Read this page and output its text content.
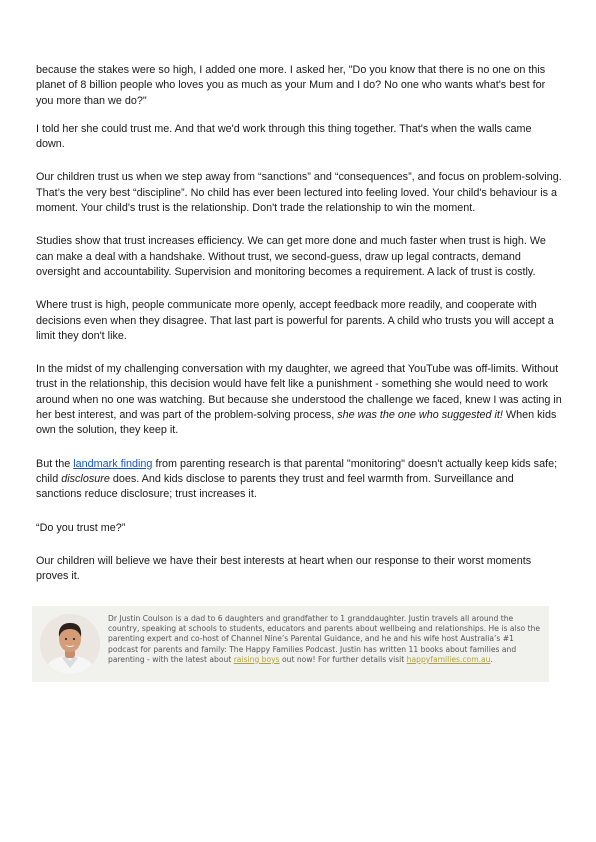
because the stakes were so high, I added one more. I asked her, "Do you know that there is no one on this planet of 8 billion people who loves you as much as your Mum and I do? No one who wants what's best for you more than we do?"

I told her she could trust me. And that we'd work through this thing together. That's when the walls came down.

Our children trust us when we step away from “sanctions” and “consequences”, and focus on problem-solving. That’s the very best “discipline”. No child has ever been lectured into feeling loved. Your child's behaviour is a moment. Your child's trust is the relationship. Don't trade the relationship to win the moment.

Studies show that trust increases efficiency. We can get more done and much faster when trust is high. We can make a deal with a handshake. Without trust, we second-guess, draw up legal contracts, demand oversight and accountability. Supervision and monitoring becomes a requirement. A lack of trust is costly.

Where trust is high, people communicate more openly, accept feedback more readily, and cooperate with decisions even when they disagree. That last part is powerful for parents. A child who trusts you will accept a limit they don't like.

In the midst of my challenging conversation with my daughter, we agreed that YouTube was off-limits. Without trust in the relationship, this decision would have felt like a punishment - something she would need to work around when no one was watching. But because she understood the challenge we faced, knew I was acting in her best interest, and was part of the problem-solving process, she was the one who suggested it! When kids own the solution, they keep it.

But the landmark finding from parenting research is that parental "monitoring" doesn't actually keep kids safe; child disclosure does. And kids disclose to parents they trust and feel warmth from. Surveillance and sanctions reduce disclosure; trust increases it.

“Do you trust me?”

Our children will believe we have their best interests at heart when our response to their worst moments proves it.

Dr Justin Coulson is a dad to 6 daughters and grandfather to 1 granddaughter. Justin travels all around the country, speaking at schools to students, educators and parents about wellbeing and relationships. He is also the parenting expert and co-host of Channel Nine’s Parental Guidance, and he and his wife host Australia’s #1 podcast for parents and family: The Happy Families Podcast. Justin has written 11 books about families and parenting - with the latest about raising boys out now! For further details visit happyfamilies.com.au.
